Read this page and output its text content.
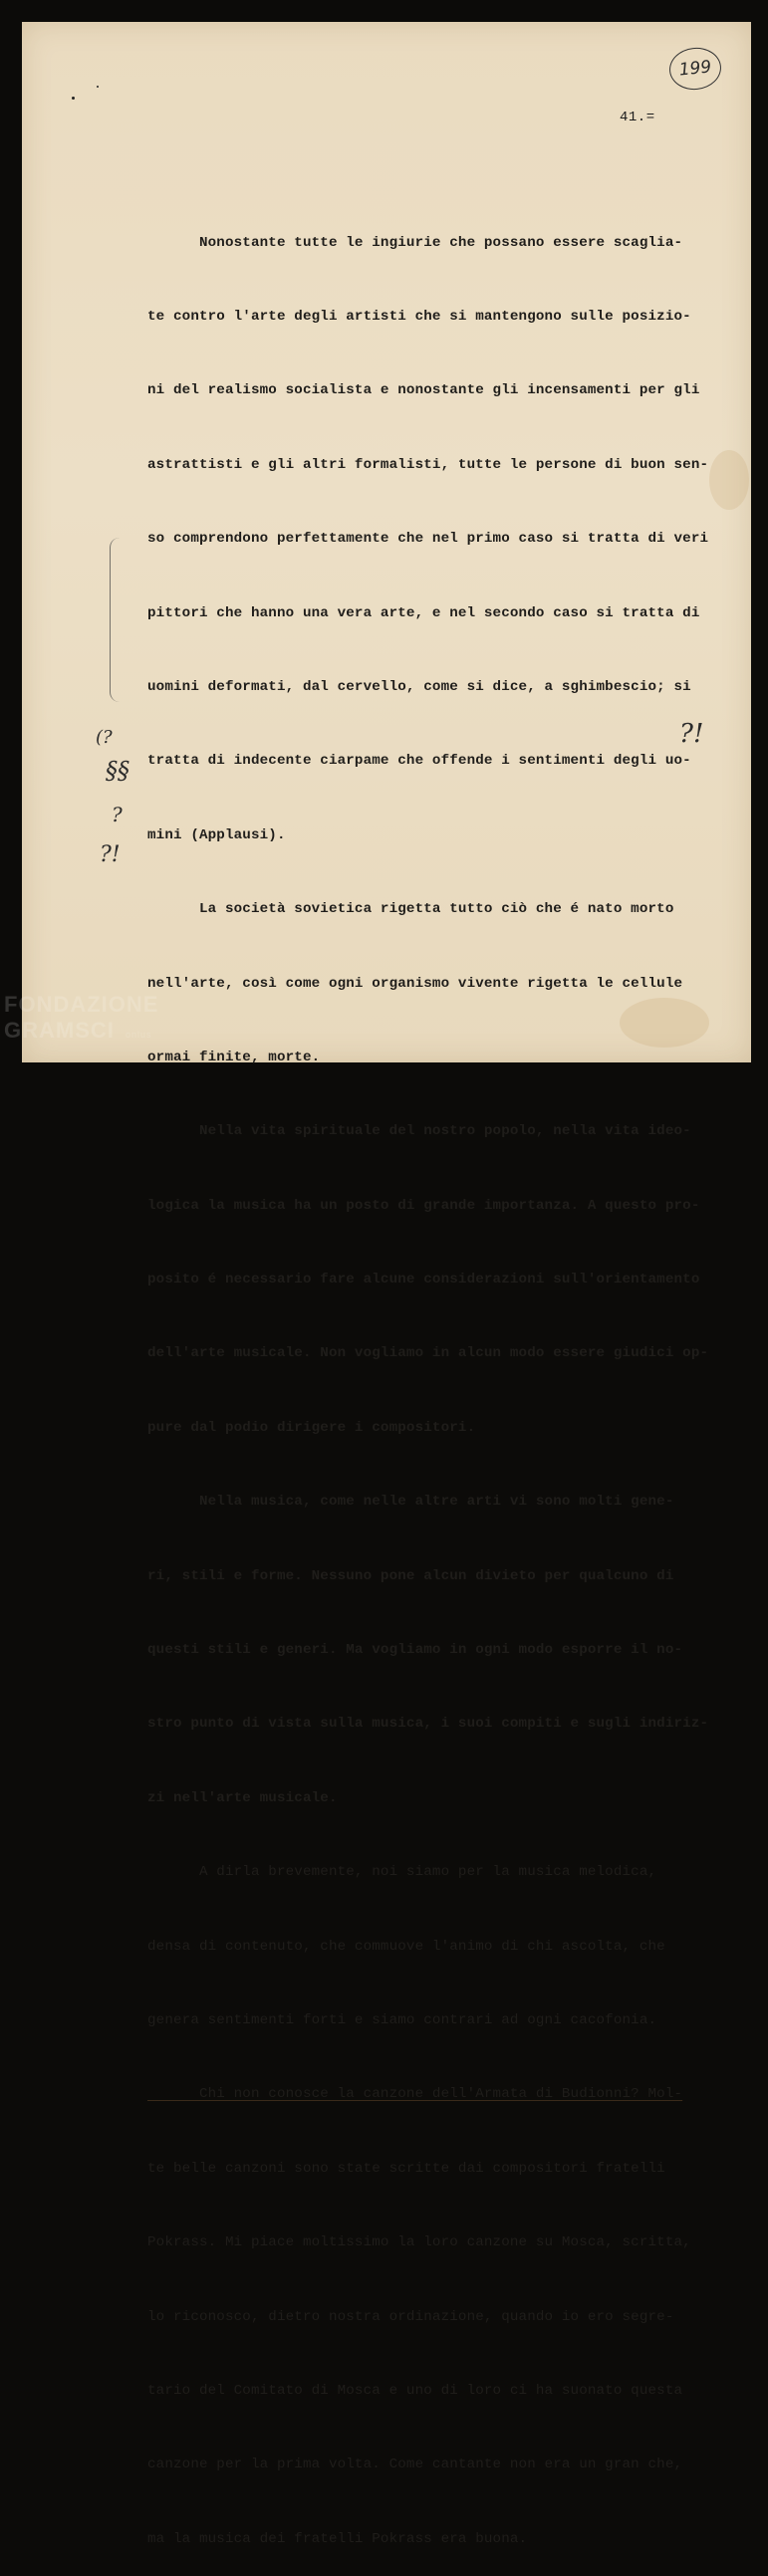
199
41.=
?!
(?
§§
?
?!

Nonostante tutte le ingiurie che possano essere scaglia-

te contro l'arte degli artisti che si mantengono sulle posizio-

ni del realismo socialista e nonostante gli incensamenti per gli

astrattisti e gli altri formalisti, tutte le persone di buon sen-

so comprendono perfettamente che nel primo caso si tratta di veri

pittori che hanno una vera arte, e nel secondo caso si tratta di

uomini deformati, dal cervello, come si dice, a sghimbescio; si

tratta di indecente ciarpame che offende i sentimenti degli uo-

mini (Applausi).

La società sovietica rigetta tutto ciò che é nato morto

nell'arte, così come ogni organismo vivente rigetta le cellule

ormai finite, morte.

Nella vita spirituale del nostro popolo, nella vita ideo-

logica la musica ha un posto di grande importanza. A questo pro-

posito é necessario fare alcune considerazioni sull'orientamento

dell'arte musicale. Non vogliamo in alcun modo essere giudici op-

pure dal podio dirigere i compositori.

Nella musica, come nelle altre arti vi sono molti gene-

ri, stili e forme. Nessuno pone alcun divieto per qualcuno di

questi stili e generi. Ma vogliamo in ogni modo esporre il no-

stro punto di vista sulla musica, i suoi compiti e sugli indiriz-

zi nell'arte musicale.

A dirla brevemente, noi siamo per la musica melodica,

densa di contenuto, che commuove l'animo di chi ascolta, che

genera sentimenti forti e siamo contrari ad ogni cacofonia.

Chi non conosce la canzone dell'Armata di Budionni? Mol-

te belle canzoni sono state scritte dai compositori fratelli

Pokrass. Mi piace moltissimo la loro canzone su Mosca, scritta,

lo riconosco, dietro nostra ordinazione, quando io ero segre-

tario del Comitato di Mosca e uno di loro ci ha suonato questa

canzone per la prima volta. Come cantante non era un gran che,

ma la musica dei fratelli Pokrass era buona.

FONDAZIONE
GRAMSCI onlus
